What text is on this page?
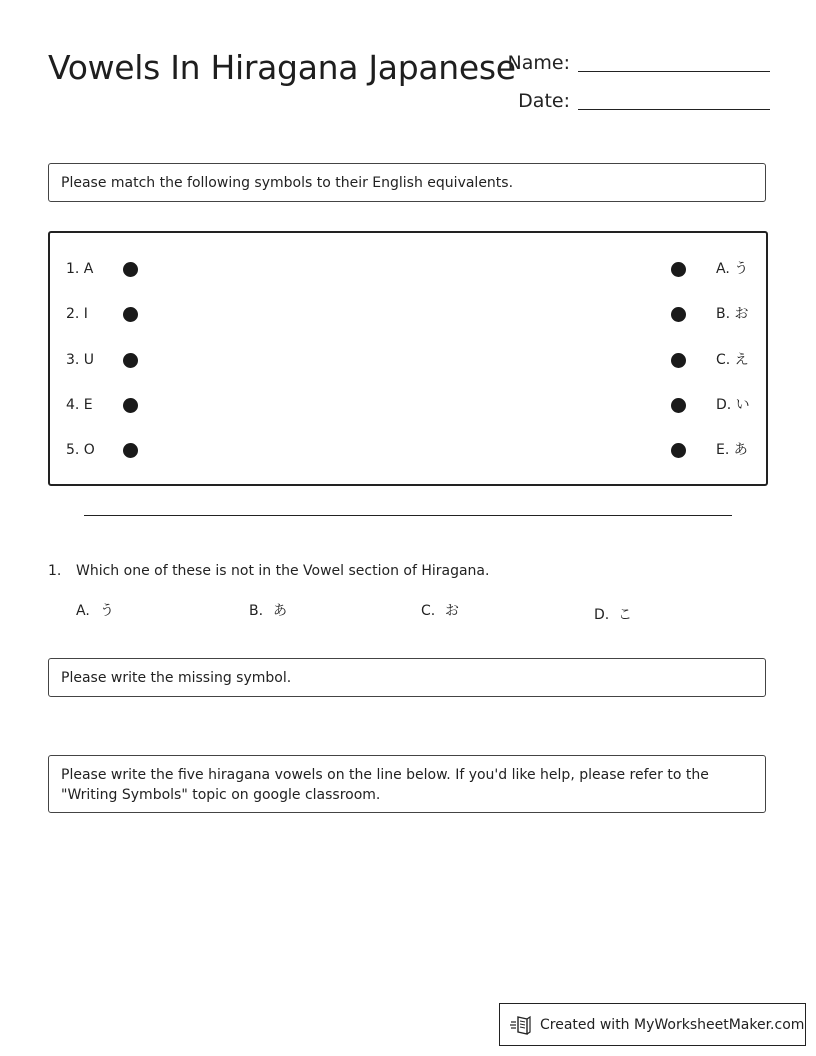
Vowels In Hiragana Japanese
Name:
Date:
Please match the following symbols to their English equivalents.
1. A	A. う
2. I	B. お
3. U	C. え
4. E	D. い
5. O	E. あ
1. Which one of these is not in the Vowel section of Hiragana.
A. う	B. あ	C. お	D. こ
Please write the missing symbol.
Please write the five hiragana vowels on the line below. If you'd like help, please refer to the "Writing Symbols" topic on google classroom.
Created with MyWorksheetMaker.com
